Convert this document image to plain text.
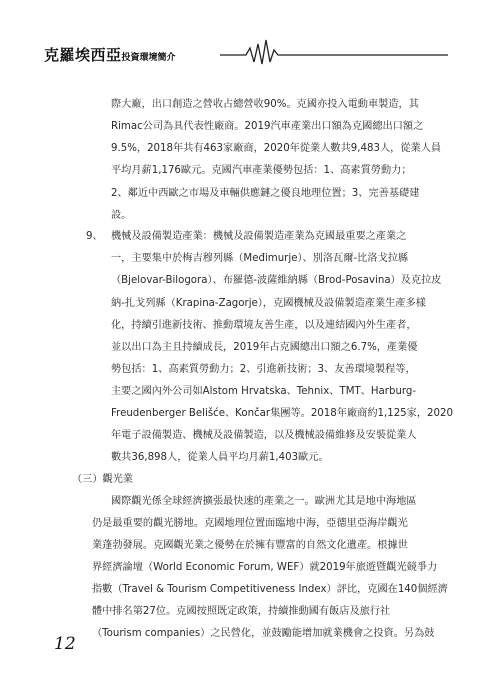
克羅埃西亞投資環境簡介
際大廠，出口創造之營收占總營收90%。克國亦投入電動車製造，其
Rimac公司為具代表性廠商。2019汽車產業出口額為克國總出口額之
9.5%，2018年共有463家廠商，2020年從業人數共9,483人，從業人員
平均月薪1,176歐元。克國汽車產業優勢包括：1、高素質勞動力；
2、鄰近中西歐之市場及車輛供應鏈之優良地理位置；3、完善基礎建
設。
9、 機械及設備製造產業：機械及設備製造產業為克國最重要之產業之
一，主要集中於梅吉穆列縣（Međimurje）、別洛瓦爾-比洛戈拉縣
（Bjelovar-Bilogora）、布羅德-波薩維納縣（Brod-Posavina）及克拉皮
納-扎戈列縣（Krapina-Zagorje），克國機械及設備製造產業生產多樣
化，持續引進新技術、推動環境友善生產，以及連結國內外生產者，
並以出口為主且持續成長，2019年占克國總出口額之6.7%，產業優
勢包括：1、高素質勞動力；2、引進新技術；3、友善環境製程等，
主要之國內外公司如Alstom Hrvatska、Tehnix、TMT、Harburg-
Freudenberger Belišće、Končar集團等。2018年廠商約1,125家，2020
年電子設備製造、機械及設備製造，以及機械設備維修及安裝從業人
數共36,898人，從業人員平均月薪1,403歐元。
（三）觀光業
國際觀光係全球經濟擴張最快速的產業之一。歐洲尤其是地中海地區
仍是最重要的觀光勝地。克國地理位置面臨地中海，亞德里亞海岸觀光
業蓬勃發展。克國觀光業之優勢在於擁有豐富的自然文化遺產。根據世
界經濟論壇（World Economic Forum, WEF）就2019年旅遊暨觀光競爭力
指數（Travel & Tourism Competitiveness Index）評比，克國在140個經濟
體中排名第27位。克國按照既定政策，持續推動國有飯店及旅行社
（Tourism companies）之民營化，並鼓勵能增加就業機會之投資。另為鼓
12
